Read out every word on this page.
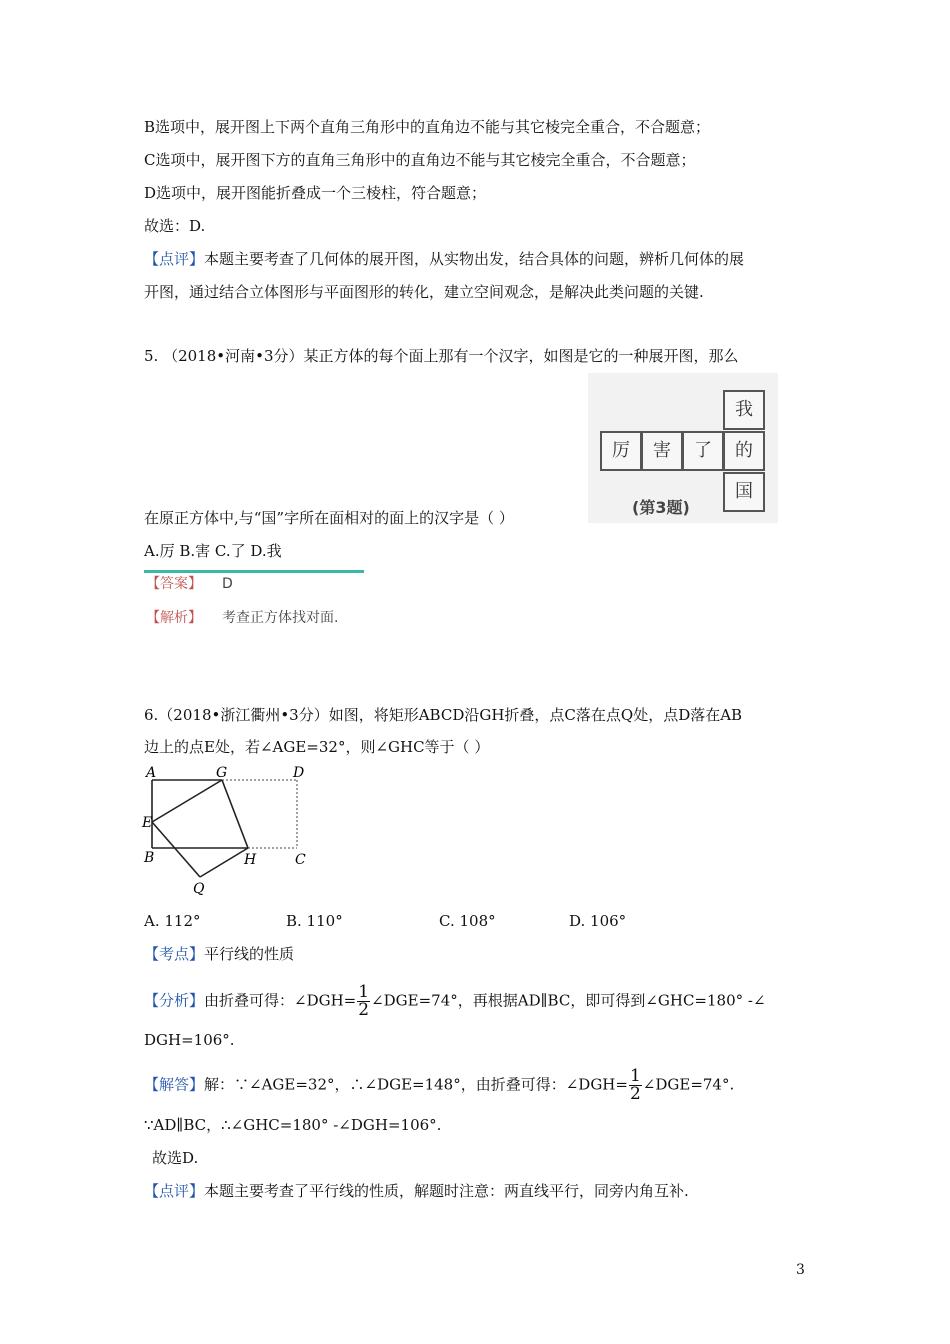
B选项中，展开图上下两个直角三角形中的直角边不能与其它棱完全重合，不合题意；
C选项中，展开图下方的直角三角形中的直角边不能与其它棱完全重合，不合题意；
D选项中，展开图能折叠成一个三棱柱，符合题意；
故选：D.
【点评】本题主要考查了几何体的展开图，从实物出发，结合具体的问题，辨析几何体的展
开图，通过结合立体图形与平面图形的转化，建立空间观念，是解决此类问题的关键.
5. （2018•河南•3分）某正方体的每个面上那有一个汉字，如图是它的一种展开图，那么
厉	害	了
我
的
国
(第3题)
在原正方体中,与“国”字所在面相对的面上的汉字是（ ）
A.厉 B.害 C.了 D.我
【答案】 D
【解析】 考查正方体找对面.
6.（2018•浙江衢州•3分）如图，将矩形ABCD沿GH折叠，点C落在点Q处，点D落在AB
边上的点E处，若∠AGE=32°，则∠GHC等于（ ）
A	G	D
E
B	H	C
Q
A. 112°	B. 110°	C. 108°	D. 106°
【考点】平行线的性质
【分析】由折叠可得：∠DGH= $\frac{1}{2}$ ∠DGE=74°，再根据AD∥BC，即可得到∠GHC=180° -∠
DGH=106°.
【解答】解：∵∠AGE=32°，∴∠DGE=148°，由折叠可得：∠DGH= $\frac{1}{2}$ ∠DGE=74°.
∵AD∥BC，∴∠GHC=180° -∠DGH=106°.
故选D.
【点评】本题主要考查了平行线的性质，解题时注意：两直线平行，同旁内角互补.
3
